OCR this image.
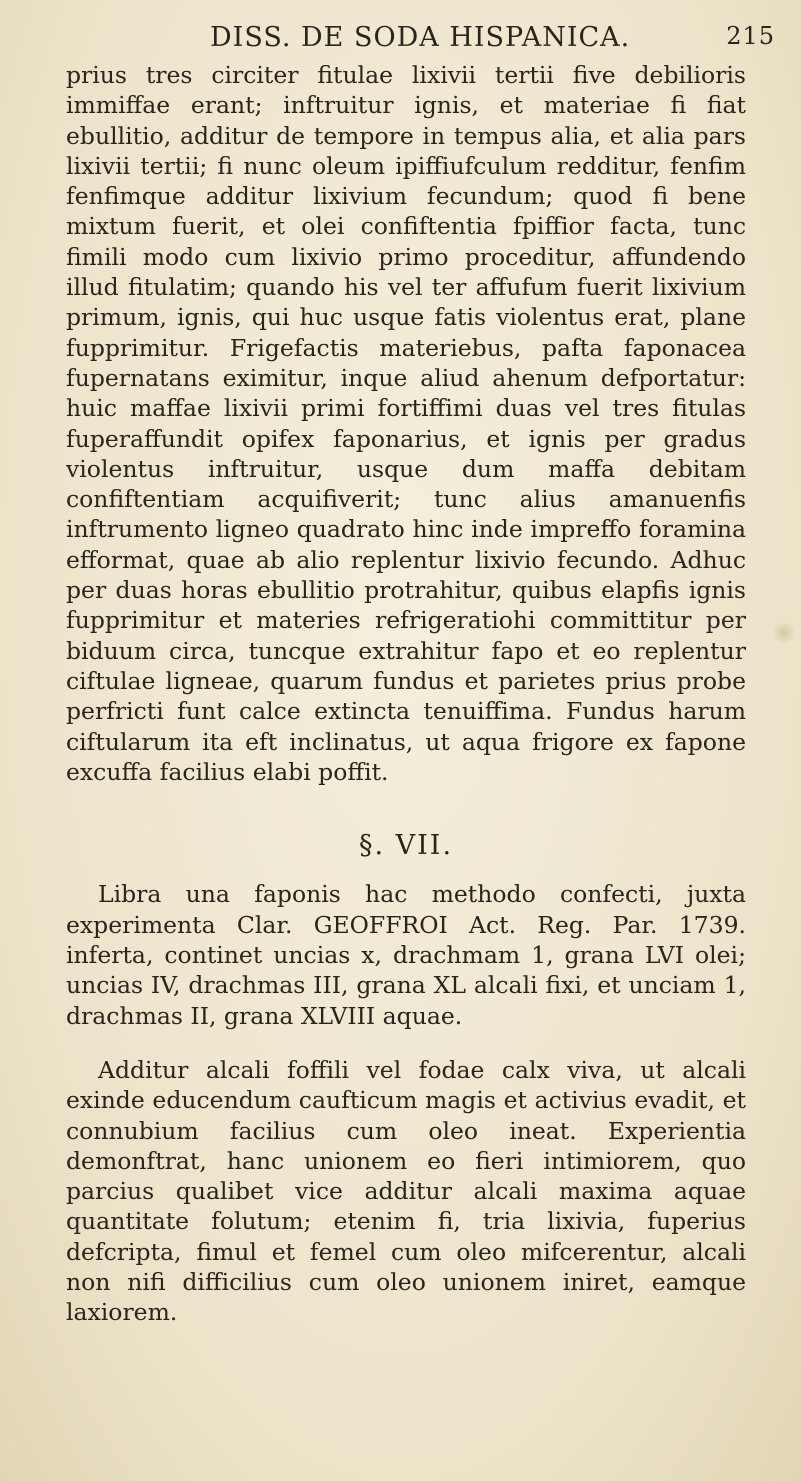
DISS. DE SODA HISPANICA.	215

prius tres circiter fitulae lixivii tertii five debilioris immiffae erant; inftruitur ignis, et materiae fi fiat ebullitio, additur de tempore in tempus alia, et alia pars lixivii tertii; fi nunc oleum ipiffiufculum redditur, fenfim fenfimque additur lixivium fecundum; quod fi bene mixtum fuerit, et olei confiftentia fpiffior facta, tunc fimili modo cum lixivio primo proceditur, affundendo illud fitulatim; quando his vel ter affufum fuerit lixivium primum, ignis, qui huc usque fatis violentus erat, plane fupprimitur. Frigefactis materiebus, pafta faponacea fupernatans eximitur, inque aliud ahenum defportatur: huic maffae lixivii primi fortiffimi duas vel tres fitulas fuperaffundit opifex faponarius, et ignis per gradus violentus inftruitur, usque dum maffa debitam confiftentiam acquifiverit; tunc alius amanuenfis inftrumento ligneo quadrato hinc inde impreffo foramina efformat, quae ab alio replentur lixivio fecundo. Adhuc per duas horas ebullitio protrahitur, quibus elapfis ignis fupprimitur et materies refrigeratiohi committitur per biduum circa, tuncque extrahitur fapo et eo replentur ciftulae ligneae, quarum fundus et parietes prius probe perfricti funt calce extincta tenuiffima. Fundus harum ciftularum ita eft inclinatus, ut aqua frigore ex fapone excuffa facilius elabi poffit.

§. VII.

Libra una faponis hac methodo confecti, juxta experimenta Clar. GEOFFROI Act. Reg. Par. 1739. inferta, continet uncias x, drachmam 1, grana LVI olei; uncias IV, drachmas III, grana XL alcali fixi, et unciam 1, drachmas II, grana XLVIII aquae.

Additur alcali foffili vel fodae calx viva, ut alcali exinde educendum caufticum magis et activius evadit, et connubium facilius cum oleo ineat. Experientia demonftrat, hanc unionem eo fieri intimiorem, quo parcius qualibet vice additur alcali maxima aquae quantitate folutum; etenim fi, tria lixivia, fuperius defcripta, fimul et femel cum oleo mifcerentur, alcali non nifi difficilius cum oleo unionem iniret, eamque laxiorem.
